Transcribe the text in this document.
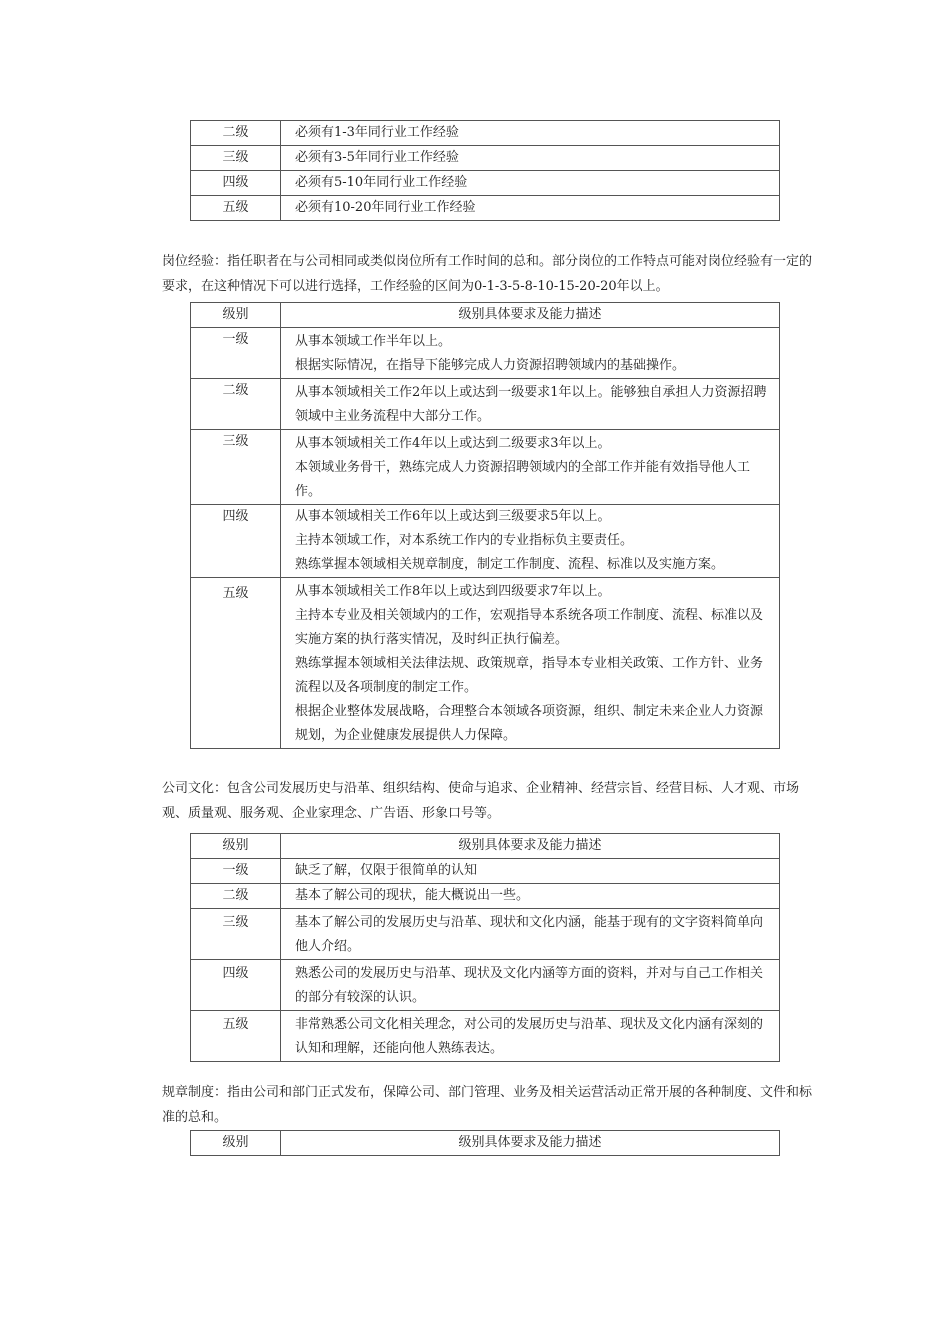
二级	必须有1-3年同行业工作经验
三级	必须有3-5年同行业工作经验
四级	必须有5-10年同行业工作经验
五级	必须有10-20年同行业工作经验

岗位经验：指任职者在与公司相同或类似岗位所有工作时间的总和。部分岗位的工作特点可能对岗位经验有一定的要求，在这种情况下可以进行选择，工作经验的区间为0-1-3-5-8-10-15-20-20年以上。

级别	级别具体要求及能力描述
一级	从事本领域工作半年以上。
根据实际情况，在指导下能够完成人力资源招聘领域内的基础操作。

二级	从事本领域相关工作2年以上或达到一级要求1年以上。能够独自承担人力资源招聘领域中主业务流程中大部分工作。

三级	从事本领域相关工作4年以上或达到二级要求3年以上。
本领域业务骨干，熟练完成人力资源招聘领域内的全部工作并能有效指导他人工作。

四级	从事本领域相关工作6年以上或达到三级要求5年以上。
主持本领域工作，对本系统工作内的专业指标负主要责任。
熟练掌握本领域相关规章制度，制定工作制度、流程、标准以及实施方案。

五级	从事本领域相关工作8年以上或达到四级要求7年以上。
主持本专业及相关领域内的工作，宏观指导本系统各项工作制度、流程、标准以及实施方案的执行落实情况，及时纠正执行偏差。
熟练掌握本领域相关法律法规、政策规章，指导本专业相关政策、工作方针、业务流程以及各项制度的制定工作。
根据企业整体发展战略，合理整合本领域各项资源，组织、制定未来企业人力资源规划，为企业健康发展提供人力保障。

公司文化：包含公司发展历史与沿革、组织结构、使命与追求、企业精神、经营宗旨、经营目标、人才观、市场观、质量观、服务观、企业家理念、广告语、形象口号等。

级别	级别具体要求及能力描述
一级	缺乏了解，仅限于很简单的认知
二级	基本了解公司的现状，能大概说出一些。
三级	基本了解公司的发展历史与沿革、现状和文化内涵，能基于现有的文字资料简单向他人介绍。

四级	熟悉公司的发展历史与沿革、现状及文化内涵等方面的资料，并对与自己工作相关的部分有较深的认识。

五级	非常熟悉公司文化相关理念，对公司的发展历史与沿革、现状及文化内涵有深刻的认知和理解，还能向他人熟练表达。

规章制度：指由公司和部门正式发布，保障公司、部门管理、业务及相关运营活动正常开展的各种制度、文件和标准的总和。

级别	级别具体要求及能力描述
